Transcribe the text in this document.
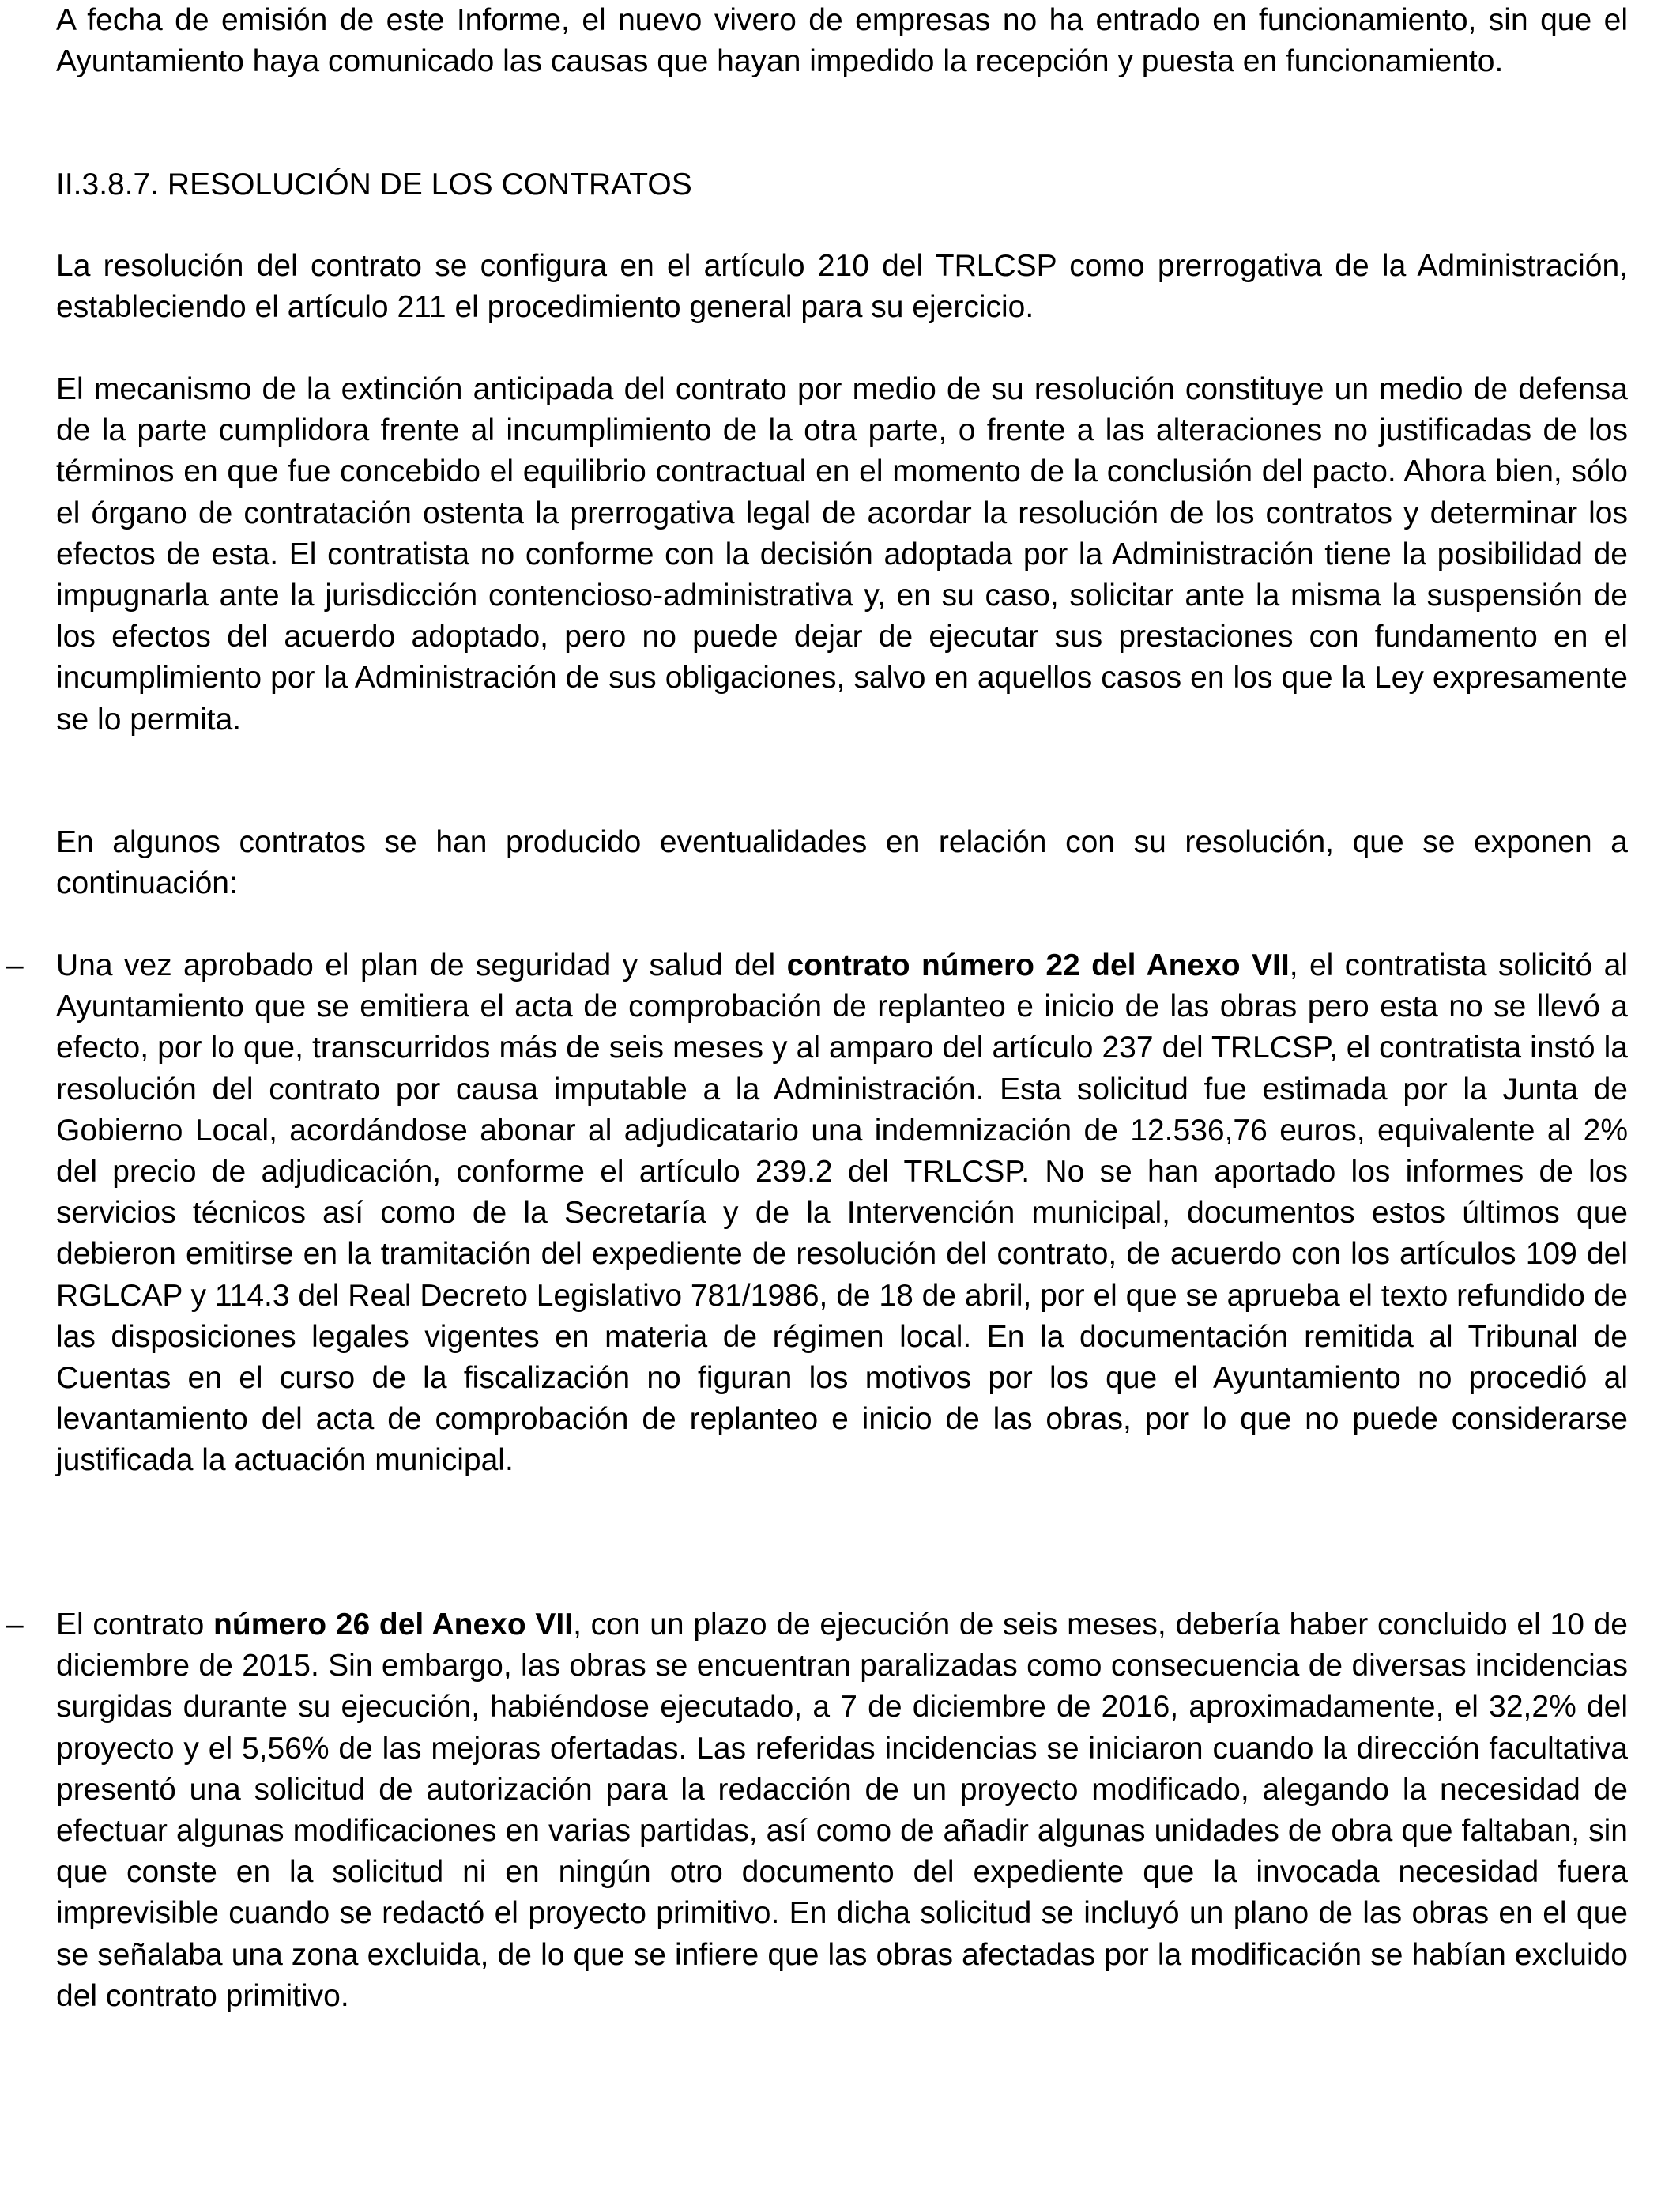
A fecha de emisión de este Informe, el nuevo vivero de empresas no ha entrado en funcionamiento, sin que el Ayuntamiento haya comunicado las causas que hayan impedido la recepción y puesta en funcionamiento.

II.3.8.7. RESOLUCIÓN DE LOS CONTRATOS

La resolución del contrato se configura en el artículo 210 del TRLCSP como prerrogativa de la Administración, estableciendo el artículo 211 el procedimiento general para su ejercicio.

El mecanismo de la extinción anticipada del contrato por medio de su resolución constituye un medio de defensa de la parte cumplidora frente al incumplimiento de la otra parte, o frente a las alteraciones no justificadas de los términos en que fue concebido el equilibrio contractual en el momento de la conclusión del pacto. Ahora bien, sólo el órgano de contratación ostenta la prerrogativa legal de acordar la resolución de los contratos y determinar los efectos de esta. El contratista no conforme con la decisión adoptada por la Administración tiene la posibilidad de impugnarla ante la jurisdicción contencioso-administrativa y, en su caso, solicitar ante la misma la suspensión de los efectos del acuerdo adoptado, pero no puede dejar de ejecutar sus prestaciones con fundamento en el incumplimiento por la Administración de sus obligaciones, salvo en aquellos casos en los que la Ley expresamente se lo permita.

En algunos contratos se han producido eventualidades en relación con su resolución, que se exponen a continuación:

– Una vez aprobado el plan de seguridad y salud del contrato número 22 del Anexo VII, el contratista solicitó al Ayuntamiento que se emitiera el acta de comprobación de replanteo e inicio de las obras pero esta no se llevó a efecto, por lo que, transcurridos más de seis meses y al amparo del artículo 237 del TRLCSP, el contratista instó la resolución del contrato por causa imputable a la Administración. Esta solicitud fue estimada por la Junta de Gobierno Local, acordándose abonar al adjudicatario una indemnización de 12.536,76 euros, equivalente al 2% del precio de adjudicación, conforme el artículo 239.2 del TRLCSP. No se han aportado los informes de los servicios técnicos así como de la Secretaría y de la Intervención municipal, documentos estos últimos que debieron emitirse en la tramitación del expediente de resolución del contrato, de acuerdo con los artículos 109 del RGLCAP y 114.3 del Real Decreto Legislativo 781/1986, de 18 de abril, por el que se aprueba el texto refundido de las disposiciones legales vigentes en materia de régimen local. En la documentación remitida al Tribunal de Cuentas en el curso de la fiscalización no figuran los motivos por los que el Ayuntamiento no procedió al levantamiento del acta de comprobación de replanteo e inicio de las obras, por lo que no puede considerarse justificada la actuación municipal.

– El contrato número 26 del Anexo VII, con un plazo de ejecución de seis meses, debería haber concluido el 10 de diciembre de 2015. Sin embargo, las obras se encuentran paralizadas como consecuencia de diversas incidencias surgidas durante su ejecución, habiéndose ejecutado, a 7 de diciembre de 2016, aproximadamente, el 32,2% del proyecto y el 5,56% de las mejoras ofertadas. Las referidas incidencias se iniciaron cuando la dirección facultativa presentó una solicitud de autorización para la redacción de un proyecto modificado, alegando la necesidad de efectuar algunas modificaciones en varias partidas, así como de añadir algunas unidades de obra que faltaban, sin que conste en la solicitud ni en ningún otro documento del expediente que la invocada necesidad fuera imprevisible cuando se redactó el proyecto primitivo. En dicha solicitud se incluyó un plano de las obras en el que se señalaba una zona excluida, de lo que se infiere que las obras afectadas por la modificación se habían excluido del contrato primitivo.
